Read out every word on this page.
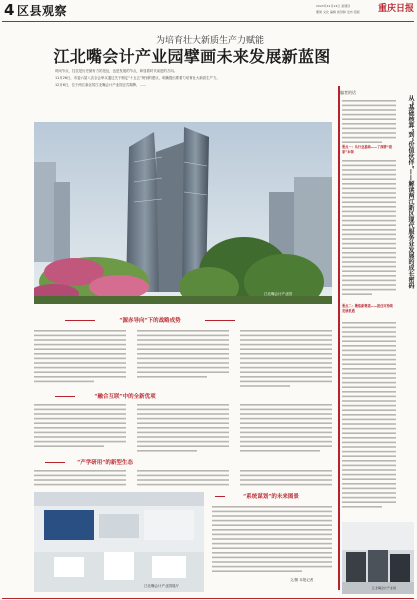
4 区县观察	2023年12月14日 星期四
要闻 文化 编辑 视觉制 发布 组版	重庆日报
为培育壮大新质生产力赋能
江北嘴会计产业园擘画未来发展新蓝图

时间节点，往往是历史最有力的见证，也是发展的节点，彰显着时代前进的方向。

11月26日，市委六届八次全会审议通过关于制定“十五五”规划的建议，明确提出要着力培育壮大新质生产力。

12月6日，位于两江新区的江北嘴会计产业园正式揭牌，……

江北嘴会计产业园
“源赤导向”下的战略成势
“融合互联”中的全新优项
“产学研用”的新型生态
“系统谋划”的未来图景
江北嘴会计产业园展厅
文/图 本报记者
编者的话
从“基础核算”到“价值伙伴”——解读两江新区现代服务业发展的成长密码
要点一：从行业基础——了深耕“看家”本领
要点二：聚焦新赛道——抓住可持续发展机遇
江北嘴会计产业园
